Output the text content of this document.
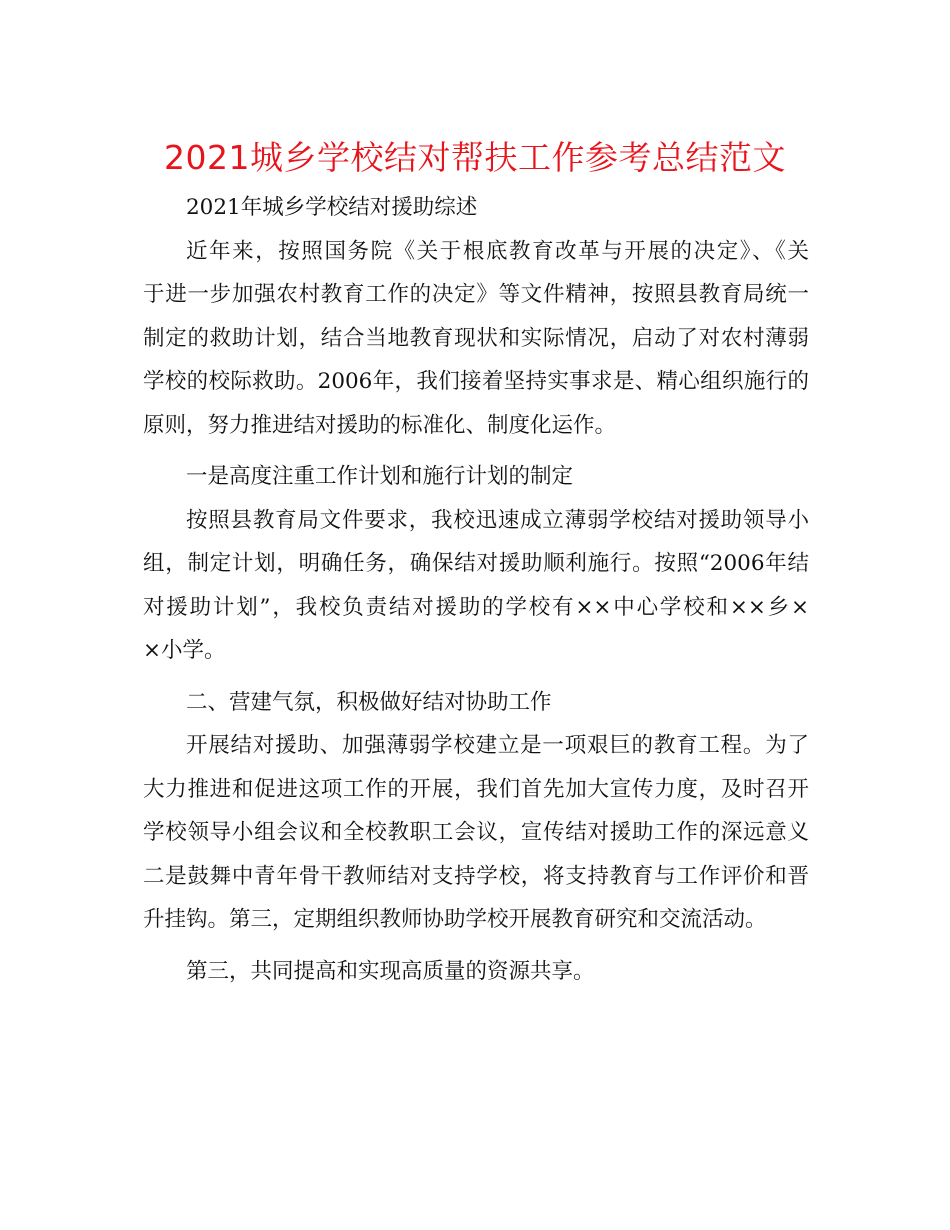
2021城乡学校结对帮扶工作参考总结范文
2021年城乡学校结对援助综述
近年来，按照国务院《关于根底教育改革与开展的决定》、《关
于进一步加强农村教育工作的决定》等文件精神，按照县教育局统一
制定的救助计划，结合当地教育现状和实际情况，启动了对农村薄弱
学校的校际救助。2006年，我们接着坚持实事求是、精心组织施行的
原则，努力推进结对援助的标准化、制度化运作。
一是高度注重工作计划和施行计划的制定
按照县教育局文件要求，我校迅速成立薄弱学校结对援助领导小
组，制定计划，明确任务，确保结对援助顺利施行。按照“2006年结
对援助计划”，我校负责结对援助的学校有××中心学校和××乡×
×小学。
二、营建气氛，积极做好结对协助工作
开展结对援助、加强薄弱学校建立是一项艰巨的教育工程。为了
大力推进和促进这项工作的开展，我们首先加大宣传力度，及时召开
学校领导小组会议和全校教职工会议，宣传结对援助工作的深远意义
二是鼓舞中青年骨干教师结对支持学校，将支持教育与工作评价和晋
升挂钩。第三，定期组织教师协助学校开展教育研究和交流活动。
第三，共同提高和实现高质量的资源共享。
